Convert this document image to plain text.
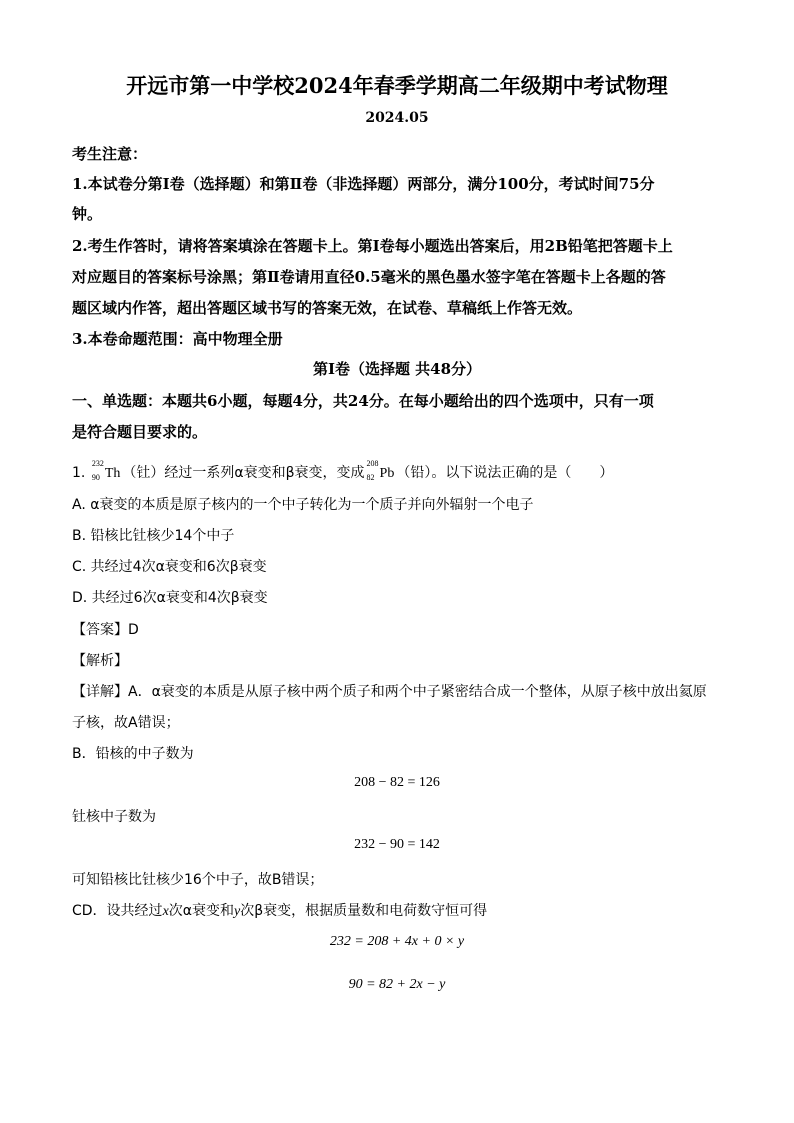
开远市第一中学校2024年春季学期高二年级期中考试物理
2024.05
考生注意：
1.本试卷分第Ⅰ卷（选择题）和第Ⅱ卷（非选择题）两部分，满分100分，考试时间75分
钟。
2.考生作答时，请将答案填涂在答题卡上。第Ⅰ卷每小题选出答案后，用2B铅笔把答题卡上
对应题目的答案标号涂黑；第Ⅱ卷请用直径0.5毫米的黑色墨水签字笔在答题卡上各题的答
题区域内作答，超出答题区域书写的答案无效，在试卷、草稿纸上作答无效。
3.本卷命题范围：高中物理全册
第Ⅰ卷（选择题 共48分）
一、单选题：本题共6小题，每题4分，共24分。在每小题给出的四个选项中，只有一项
是符合题目要求的。
1.
232
90 Th （钍）经过一系列α衰变和β衰变，变成
208
82 Pb （铅）。以下说法正确的是（　　）
A. α衰变的本质是原子核内的一个中子转化为一个质子并向外辐射一个电子
B. 铅核比钍核少14个中子
C. 共经过4次α衰变和6次β衰变
D. 共经过6次α衰变和4次β衰变
【答案】D
【解析】
【详解】A．α衰变的本质是从原子核中两个质子和两个中子紧密结合成一个整体，从原子核中放出氦原
子核，故A错误；
B．铅核的中子数为
208 − 82 = 126
钍核中子数为
232 − 90 = 142
可知铅核比钍核少16个中子，故B错误；
CD．设共经过x次α衰变和y次β衰变，根据质量数和电荷数守恒可得
232 = 208 + 4x + 0 × y
90 = 82 + 2x − y
